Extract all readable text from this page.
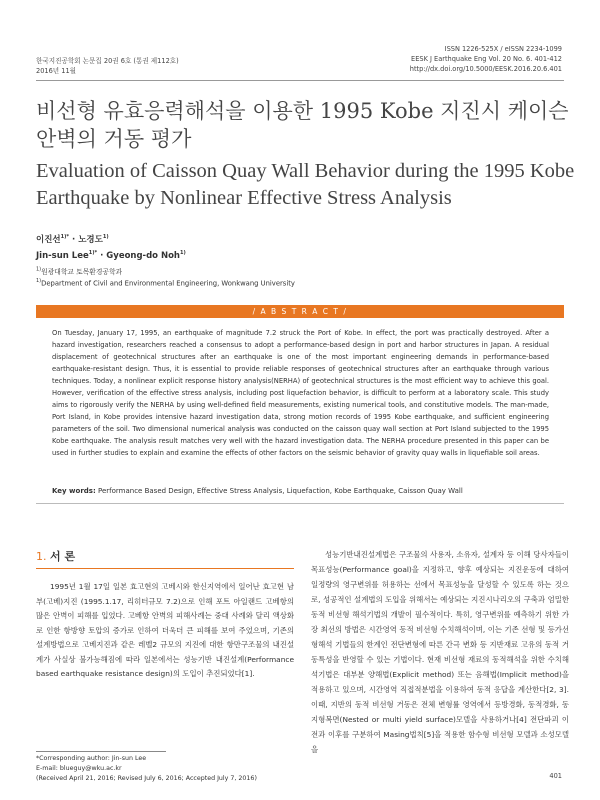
한국지진공학회 논문집 20권 6호 (통권 제112호)
2016년 11월
ISSN 1226-525X / eISSN 2234-1099
EESK J Earthquake Eng Vol. 20 No. 6. 401-412
http://dx.doi.org/10.5000/EESK.2016.20.6.401
비선형 유효응력해석을 이용한 1995 Kobe 지진시 케이슨 안벽의 거동 평가
Evaluation of Caisson Quay Wall Behavior during the 1995 Kobe Earthquake by Nonlinear Effective Stress Analysis
이진선$^{1)*}$ · 노경도$^{1)}$
Jin-sun Lee$^{1)*}$ · Gyeong-do Noh$^{1)}$
$^{1)}$원광대학교 토목환경공학과
$^{1)}$Department of Civil and Environmental Engineering, Wonkwang University
/ A B S T R A C T /
On Tuesday, January 17, 1995, an earthquake of magnitude 7.2 struck the Port of Kobe. In effect, the port was practically destroyed. After a hazard investigation, researchers reached a consensus to adopt a performance-based design in port and harbor structures in Japan. A residual displacement of geotechnical structures after an earthquake is one of the most important engineering demands in performance-based earthquake-resistant design. Thus, it is essential to provide reliable responses of geotechnical structures after an earthquake through various techniques. Today, a nonlinear explicit response history analysis(NERHA) of geotechnical structures is the most efficient way to achieve this goal. However, verification of the effective stress analysis, including post liquefaction behavior, is difficult to perform at a laboratory scale. This study aims to rigorously verify the NERHA by using well-defined field measurements, existing numerical tools, and constitutive models. The man-made, Port Island, in Kobe provides intensive hazard investigation data, strong motion records of 1995 Kobe earthquake, and sufficient engineering parameters of the soil. Two dimensional numerical analysis was conducted on the caisson quay wall section at Port Island subjected to the 1995 Kobe earthquake. The analysis result matches very well with the hazard investigation data. The NERHA procedure presented in this paper can be used in further studies to explain and examine the effects of other factors on the seismic behavior of gravity quay walls in liquefiable soil areas.
Key words: Performance Based Design, Effective Stress Analysis, Liquefaction, Kobe Earthquake, Caisson Quay Wall
1. 서 론
1995년 1월 17일 일본 효고현의 고베시와 한신지역에서 일어난 효고현 남부(고베)지진 (1995.1.17, 리히터규모 7.2)으로 인해 포트 아일랜드 고베항의 많은 안벽이 피해를 입었다. 고베항 안벽의 피해사례는 중대 사례와 달리 액상화로 인한 항방향 토압의 증가로 인하여 더욱더 큰 피해를 보여 주었으며, 기존의 설계방법으로 고베지진과 같은 레벨2 규모의 지진에 대한 항만구조물의 내진설계가 사실상 불가능해짐에 따라 일본에서는 성능기반 내진설계(Performance based earthquake resistance design)의 도입이 추진되었다[1].
성능기반내진설계법은 구조물의 사용자, 소유자, 설계자 등 이해 당사자들이 목표성능(Performance goal)을 지정하고, 향후 예상되는 지진운동에 대하여 일정량의 영구변위를 허용하는 선에서 목표성능을 달성할 수 있도록 하는 것으로, 성공적인 설계법의 도입을 위해서는 예상되는 지진시나리오의 구축과 엄밀한 동적 비선형 해석기법의 개발이 필수적이다. 특히, 영구변위를 예측하기 위한 가장 최선의 방법은 시간영역 동적 비선형 수치해석이며, 이는 기존 선형 및 등가선형해석 기법들의 한계인 전단변형에 따른 간극 변화 등 지반재료 고유의 동적 거동특성을 반영할 수 있는 기법이다. 현재 비선형 재료의 동적해석을 위한 수치해석기법은 대부분 양해법(Explicit method) 또는 음해법(Implicit method)을 적용하고 있으며, 시간영역 직접적분법을 이용하여 동적 응답을 계산한다[2, 3]. 이때, 지반의 동적 비선형 거동은 전체 변형률 영역에서 등방경화, 동적경화, 동지형복면(Nested or multi yield surface)모델을 사용하거나[4] 전단파괴 이전과 이후를 구분하여 Masing법칙[5]을 적용한 함수형 비선형 모델과 소성모델을
*Corresponding author: Jin-sun Lee
E-mail: blueguy@wku.ac.kr
(Received April 21, 2016; Revised July 6, 2016; Accepted July 7, 2016)	401
